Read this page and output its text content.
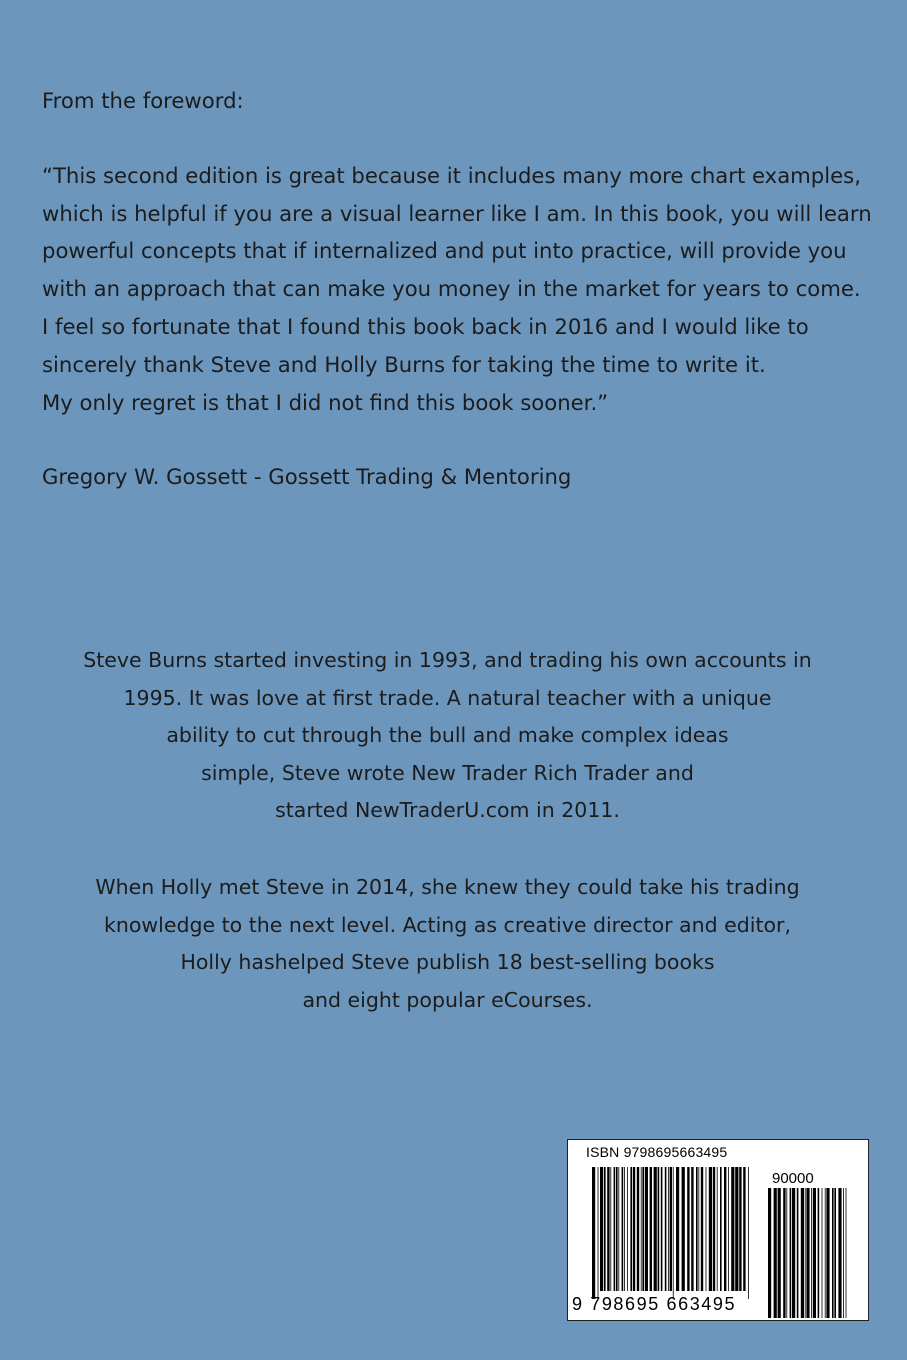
From the foreword:

“This second edition is great because it includes many more chart examples,

which is helpful if you are a visual learner like I am. In this book, you will learn

powerful concepts that if internalized and put into practice, will provide you

with an approach that can make you money in the market for years to come.

I feel so fortunate that I found this book back in 2016 and I would like to

sincerely thank Steve and Holly Burns for taking the time to write it.

My only regret is that I did not find this book sooner.”

Gregory W. Gossett - Gossett Trading & Mentoring

Steve Burns started investing in 1993, and trading his own accounts in

1995. It was love at first trade. A natural teacher with a unique

ability to cut through the bull and make complex ideas

simple, Steve wrote New Trader Rich Trader and

started NewTraderU.com in 2011.

When Holly met Steve in 2014, she knew they could take his trading

knowledge to the next level. Acting as creative director and editor,

Holly hashelped Steve publish 18 best-selling books

and eight popular eCourses.

ISBN 9798695663495
90000
9 798695 663495
